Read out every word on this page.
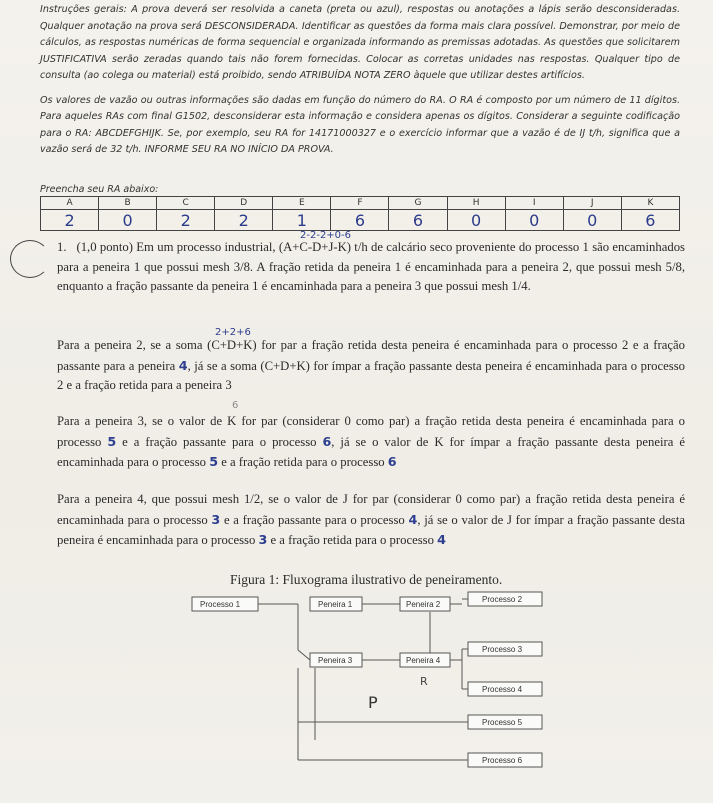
Instruções gerais: A prova deverá ser resolvida a caneta (preta ou azul), respostas ou anotações a lápis serão desconsideradas. Qualquer anotação na prova será DESCONSIDERADA. Identificar as questões da forma mais clara possível. Demonstrar, por meio de cálculos, as respostas numéricas de forma sequencial e organizada informando as premissas adotadas. As questões que solicitarem JUSTIFICATIVA serão zeradas quando tais não forem fornecidas. Colocar as corretas unidades nas respostas. Qualquer tipo de consulta (ao colega ou material) está proibido, sendo ATRIBUÍDA NOTA ZERO àquele que utilizar destes artifícios.

Os valores de vazão ou outras informações são dadas em função do número do RA. O RA é composto por um número de 11 dígitos. Para aqueles RAs com final G1502, desconsiderar esta informação e considera apenas os dígitos. Considerar a seguinte codificação para o RA: ABCDEFGHIJK. Se, por exemplo, seu RA for 14171000327 e o exercício informar que a vazão é de IJ t/h, significa que a vazão será de 32 t/h. INFORME SEU RA NO INÍCIO DA PROVA.

Preencha seu RA abaixo:
A	B	C	D	E	F	G	H	I	J	K
2	0	2	2	1	6	6	0	0	0	6
2-2-2+0-6
2+2+6
6
1. (1,0 ponto) Em um processo industrial, (A+C-D+J-K) t/h de calcário seco proveniente do processo 1 são encaminhados para a peneira 1 que possui mesh 3/8. A fração retida da peneira 1 é encaminhada para a peneira 2, que possui mesh 5/8, enquanto a fração passante da peneira 1 é encaminhada para a peneira 3 que possui mesh 1/4.
Para a peneira 2, se a soma (C+D+K) for par a fração retida desta peneira é encaminhada para o processo 2 e a fração passante para a peneira 4, já se a soma (C+D+K) for ímpar a fração passante desta peneira é encaminhada para o processo 2 e a fração retida para a peneira 3
Para a peneira 3, se o valor de K for par (considerar 0 como par) a fração retida desta peneira é encaminhada para o processo 5 e a fração passante para o processo 6, já se o valor de K for ímpar a fração passante desta peneira é encaminhada para o processo 5 e a fração retida para o processo 6
Para a peneira 4, que possui mesh 1/2, se o valor de J for par (considerar 0 como par) a fração retida desta peneira é encaminhada para o processo 3 e a fração passante para o processo 4, já se o valor de J for ímpar a fração passante desta peneira é encaminhada para o processo 3 e a fração retida para o processo 4
Figura 1: Fluxograma ilustrativo de peneiramento.
Processo 1	Peneira 1	Peneira 2
Processo 2
Peneira 3	Peneira 4
Processo 3
Processo 4
Processo 5
Processo 6
P
R
